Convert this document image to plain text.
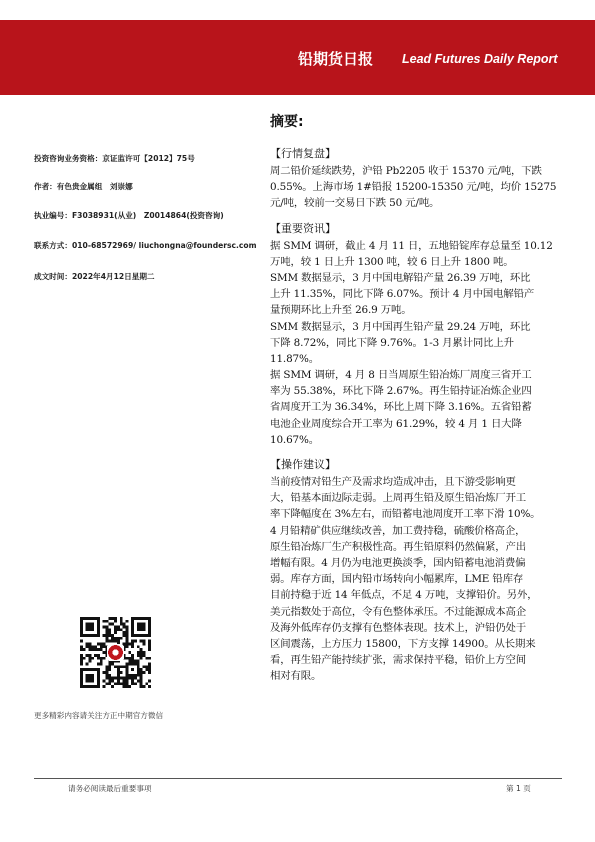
铅期货日报 Lead Futures Daily Report
投资咨询业务资格：京证监许可【2012】75号
作者：有色贵金属组　刘崇娜
执业编号：F3038931(从业)　Z0014864(投资咨询)
联系方式：010-68572969/ liuchongna@foundersc.com
成文时间：2022年4月12日星期二
更多精彩内容请关注方正中期官方微信
摘要:
【行情复盘】
周二铅价延续跌势，沪铅 Pb2205 收于 15370 元/吨，下跌
0.55%。上海市场 1#铅报 15200-15350 元/吨，均价 15275
元/吨，较前一交易日下跌 50 元/吨。
【重要资讯】
据 SMM 调研，截止 4 月 11 日，五地铅锭库存总量至 10.12
万吨，较 1 日上升 1300 吨，较 6 日上升 1800 吨。
SMM 数据显示，3 月中国电解铅产量 26.39 万吨，环比
上升 11.35%，同比下降 6.07%。预计 4 月中国电解铅产
量预期环比上升至 26.9 万吨。
SMM 数据显示，3 月中国再生铅产量 29.24 万吨，环比
下降 8.72%，同比下降 9.76%。1-3 月累计同比上升
11.87%。
据 SMM 调研，4 月 8 日当周原生铅冶炼厂周度三省开工
率为 55.38%，环比下降 2.67%。再生铅持证冶炼企业四
省周度开工为 36.34%，环比上周下降 3.16%。五省铅蓄
电池企业周度综合开工率为 61.29%，较 4 月 1 日大降
10.67%。
【操作建议】
当前疫情对铅生产及需求均造成冲击，且下游受影响更
大，铅基本面边际走弱。上周再生铅及原生铅冶炼厂开工
率下降幅度在 3%左右，而铅蓄电池周度开工率下滑 10%。
4 月铅精矿供应继续改善，加工费持稳，硫酸价格高企，
原生铅冶炼厂生产积极性高。再生铅原料仍然偏紧，产出
增幅有限。4 月仍为电池更换淡季，国内铅蓄电池消费偏
弱。库存方面，国内铅市场转向小幅累库，LME 铅库存
目前持稳于近 14 年低点，不足 4 万吨，支撑铅价。另外，
美元指数处于高位，令有色整体承压。不过能源成本高企
及海外低库存仍支撑有色整体表现。技术上，沪铅仍处于
区间震荡，上方压力 15800，下方支撑 14900。从长期来
看，再生铅产能持续扩张，需求保持平稳，铅价上方空间
相对有限。
请务必阅读最后重要事项	第 1 页
